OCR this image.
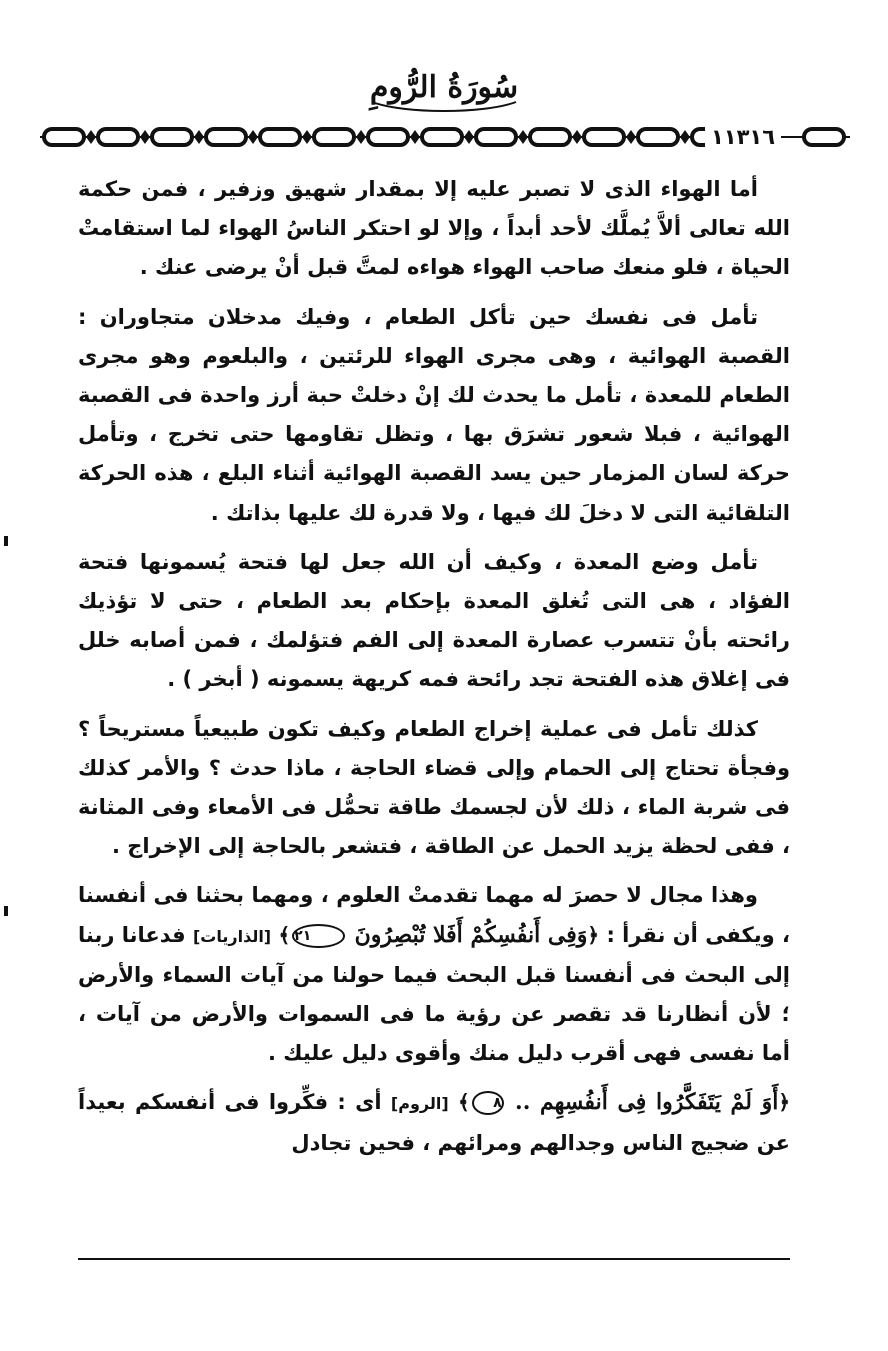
سُورَةُ الرُّومِ
١١٣١٦

أما الهواء الذى لا تصبر عليه إلا بمقدار شهيق وزفير ، فمن حكمة الله تعالى ألاَّ يُملَّك لأحد أبداً ، وإلا لو احتكر الناسُ الهواء لما استقامتْ الحياة ، فلو منعك صاحب الهواء هواءه لمتَّ قبل أنْ يرضى عنك .

تأمل فى نفسك حين تأكل الطعام ، وفيك مدخلان متجاوران : القصبة الهوائية ، وهى مجرى الهواء للرئتين ، والبلعوم وهو مجرى الطعام للمعدة ، تأمل ما يحدث لك إنْ دخلتْ حبة أرز واحدة فى القصبة الهوائية ، فبلا شعور تشرَق بها ، وتظل تقاومها حتى تخرج ، وتأمل حركة لسان المزمار حين يسد القصبة الهوائية أثناء البلع ، هذه الحركة التلقائية التى لا دخلَ لك فيها ، ولا قدرة لك عليها بذاتك .

تأمل وضع المعدة ، وكيف أن الله جعل لها فتحة يُسمونها فتحة الفؤاد ، هى التى تُغلق المعدة بإحكام بعد الطعام ، حتى لا تؤذيك رائحته بأنْ تتسرب عصارة المعدة إلى الفم فتؤلمك ، فمن أصابه خلل فى إغلاق هذه الفتحة تجد رائحة فمه كريهة يسمونه ( أبخر ) .

كذلك تأمل فى عملية إخراج الطعام وكيف تكون طبيعياً مستريحاً ؟ وفجأة تحتاج إلى الحمام وإلى قضاء الحاجة ، ماذا حدث ؟ والأمر كذلك فى شربة الماء ، ذلك لأن لجسمك طاقة تحمُّل فى الأمعاء وفى المثانة ، ففى لحظة يزيد الحمل عن الطاقة ، فتشعر بالحاجة إلى الإخراج .

وهذا مجال لا حصرَ له مهما تقدمتْ العلوم ، ومهما بحثنا فى أنفسنا ، ويكفى أن نقرأ : ﴿وَفِى أَنفُسِكُمْ أَفَلا تُبْصِرُونَ ٢١﴾ [الذاريات] فدعانا ربنا إلى البحث فى أنفسنا قبل البحث فيما حولنا من آيات السماء والأرض ؛ لأن أنظارنا قد تقصر عن رؤية ما فى السموات والأرض من آيات ، أما نفسى فهى أقرب دليل منك وأقوى دليل عليك .

﴿أَوَ لَمْ يَتَفَكَّرُوا فِى أَنفُسِهِم .. ٨﴾ [الروم] أى : فكِّروا فى أنفسكم بعيداً عن ضجيج الناس وجدالهم ومرائهم ، فحين تجادل
